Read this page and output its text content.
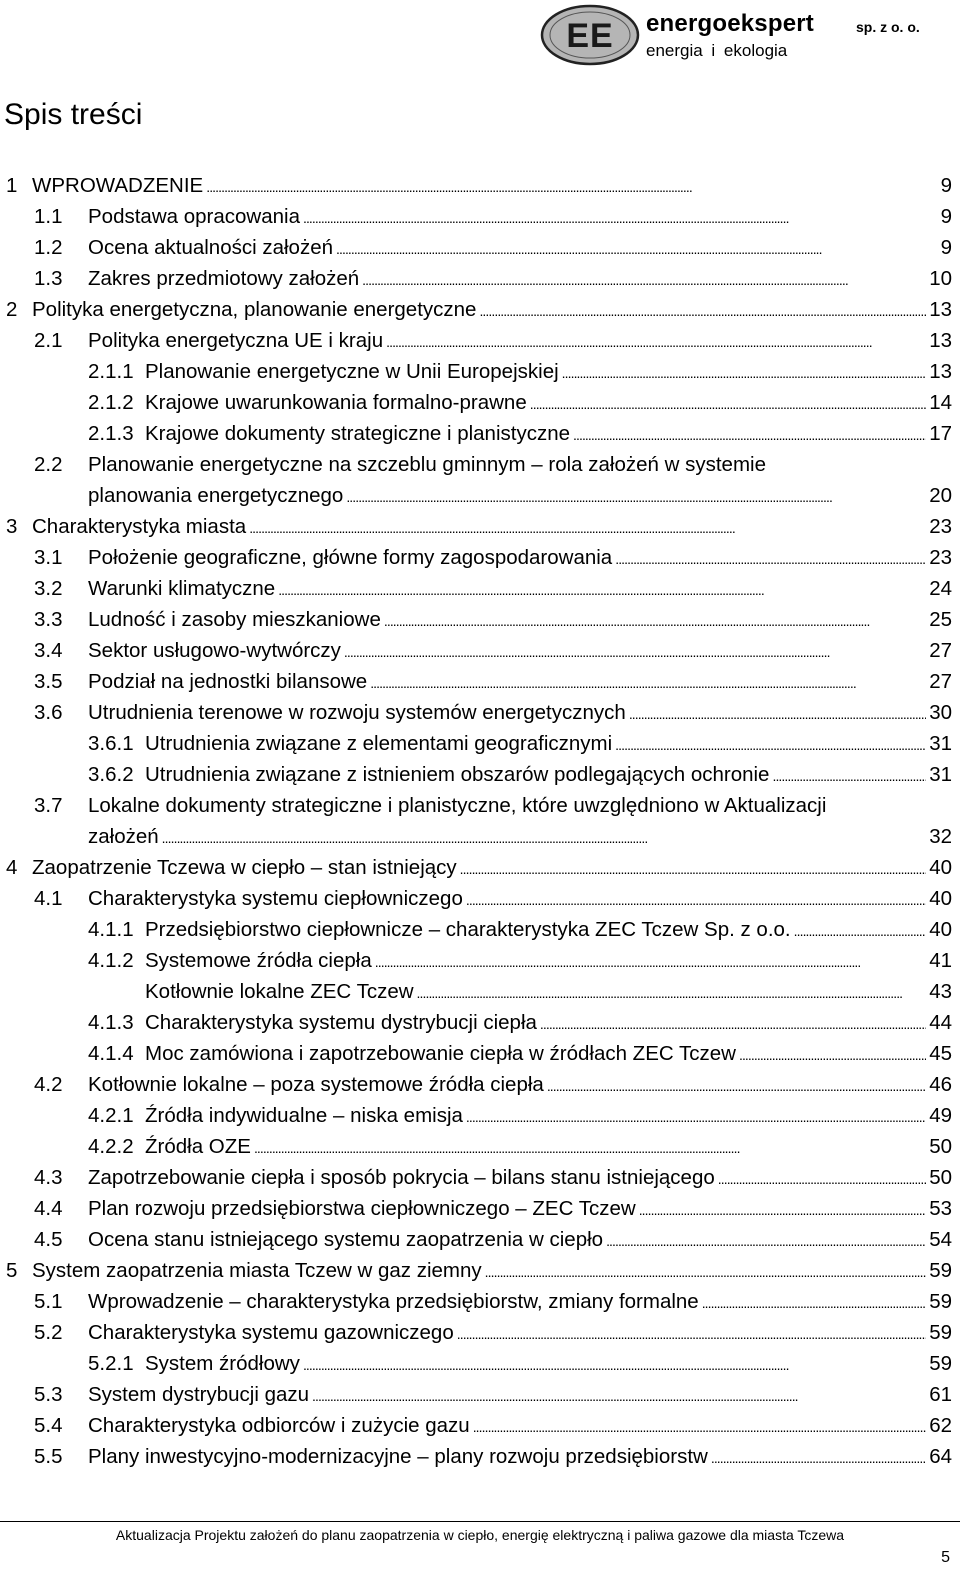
EE energoekspert
energia i ekologia
sp. z o. o.
Spis treści
1 WPROWADZENIE . . .	9
1.1 Podstawa opracowania . . .	9
1.2 Ocena aktualności założeń . . .	9
1.3 Zakres przedmiotowy założeń . . .	10
2 Polityka energetyczna, planowanie energetyczne . . .	13
2.1 Polityka energetyczna UE i kraju . . .	13
2.1.1 Planowanie energetyczne w Unii Europejskiej . . .	13
2.1.2 Krajowe uwarunkowania formalno-prawne . . .	14
2.1.3 Krajowe dokumenty strategiczne i planistyczne . . .	17
2.2 Planowanie energetyczne na szczeblu gminnym – rola założeń w systemie
planowania energetycznego . . .	20
3 Charakterystyka miasta . . .	23
3.1 Położenie geograficzne, główne formy zagospodarowania . . .	23
3.2 Warunki klimatyczne . . .	24
3.3 Ludność i zasoby mieszkaniowe . . .	25
3.4 Sektor usługowo-wytwórczy . . .	27
3.5 Podział na jednostki bilansowe . . .	27
3.6 Utrudnienia terenowe w rozwoju systemów energetycznych . . .	30
3.6.1 Utrudnienia związane z elementami geograficznymi . . .	31
3.6.2 Utrudnienia związane z istnieniem obszarów podlegających ochronie . . .	31
3.7 Lokalne dokumenty strategiczne i planistyczne, które uwzględniono w Aktualizacji
założeń . . .	32
4 Zaopatrzenie Tczewa w ciepło – stan istniejący . . .	40
4.1 Charakterystyka systemu ciepłowniczego . . .	40
4.1.1 Przedsiębiorstwo ciepłownicze – charakterystyka ZEC Tczew Sp. z o.o. . . .	40
4.1.2 Systemowe źródła ciepła . . .	41
Kotłownie lokalne ZEC Tczew . . .	43
4.1.3 Charakterystyka systemu dystrybucji ciepła . . .	44
4.1.4 Moc zamówiona i zapotrzebowanie ciepła w źródłach ZEC Tczew . . .	45
4.2 Kotłownie lokalne – poza systemowe źródła ciepła . . .	46
4.2.1 Źródła indywidualne – niska emisja . . .	49
4.2.2 Źródła OZE . . .	50
4.3 Zapotrzebowanie ciepła i sposób pokrycia – bilans stanu istniejącego . . .	50
4.4 Plan rozwoju przedsiębiorstwa ciepłowniczego – ZEC Tczew . . .	53
4.5 Ocena stanu istniejącego systemu zaopatrzenia w ciepło . . .	54
5 System zaopatrzenia miasta Tczew w gaz ziemny . . .	59
5.1 Wprowadzenie – charakterystyka przedsiębiorstw, zmiany formalne . . .	59
5.2 Charakterystyka systemu gazowniczego . . .	59
5.2.1 System źródłowy . . .	59
5.3 System dystrybucji gazu . . .	61
5.4 Charakterystyka odbiorców i zużycie gazu . . .	62
5.5 Plany inwestycyjno-modernizacyjne – plany rozwoju przedsiębiorstw . . .	64
Aktualizacja Projektu założeń do planu zaopatrzenia w ciepło, energię elektryczną i paliwa gazowe dla miasta Tczewa
5
